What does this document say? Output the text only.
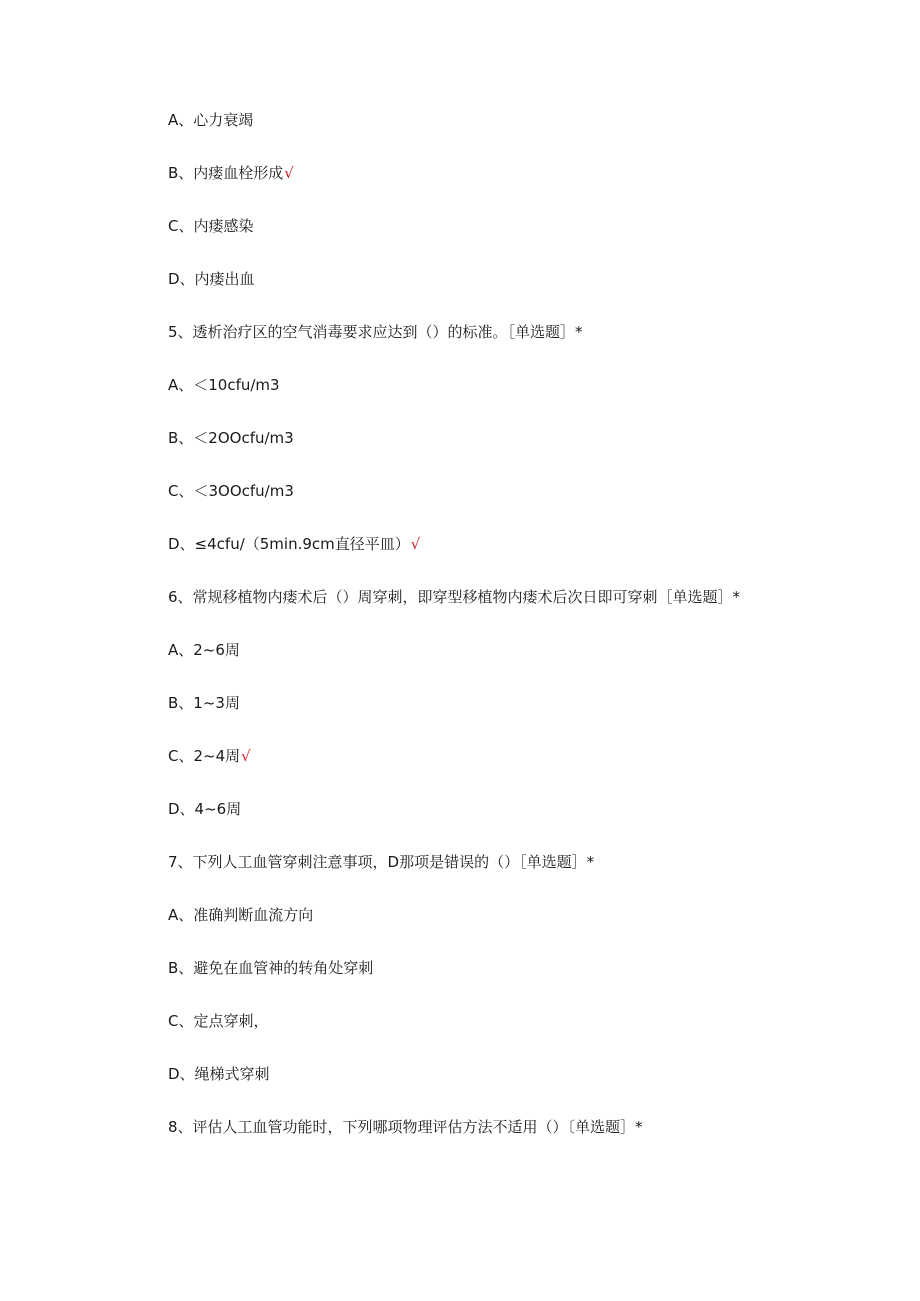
A、心力衰竭
B、内瘘血栓形成√
C、内瘘感染
D、内瘘出血
5、透析治疗区的空气消毒要求应达到（）的标准。［单选题］*
A、＜10cfu∕m3
B、＜2OOcfu∕m3
C、＜3OOcfu∕m3
D、≤4cfu∕（5min.9cm直径平皿）√
6、常规移植物内瘘术后（）周穿刺，即穿型移植物内瘘术后次日即可穿刺［单选题］*
A、2~6周
B、1~3周
C、2~4周√
D、4~6周
7、下列人工血管穿刺注意事项，D那项是错误的（）［单选题］*
A、准确判断血流方向
B、避免在血管神的转角处穿刺
C、定点穿刺，
D、绳梯式穿刺
8、评估人工血管功能时，下列哪项物理评估方法不适用（）〔单选题］*
